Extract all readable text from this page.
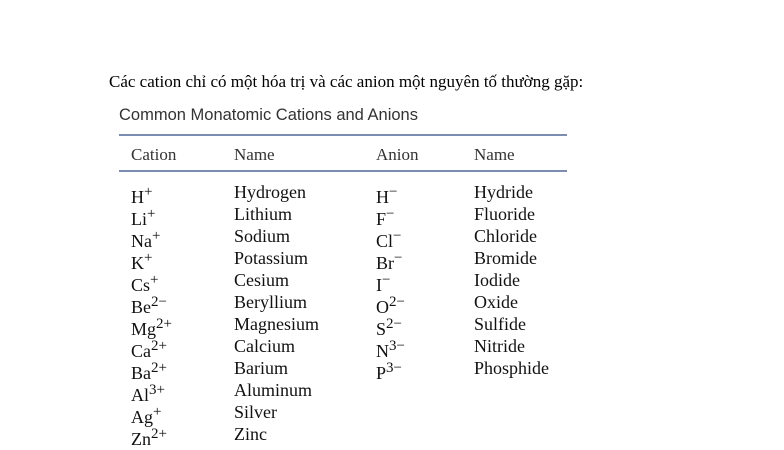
Các cation chỉ có một hóa trị và các anion một nguyên tố thường gặp:
Common Monatomic Cations and Anions
Cation	Name	Anion	Name
H+	Hydrogen	H−	Hydride
Li+	Lithium	F−	Fluoride
Na+	Sodium	Cl−	Chloride
K+	Potassium	Br−	Bromide
Cs+	Cesium	I−	Iodide
$Be^{2-}$	Beryllium	$O^{2-}$	Oxide
$Mg^{2+}$	Magnesium	$S^{2-}$	Sulfide
$Ca^{2+}$	Calcium	$N^{3-}$	Nitride
$Ba^{2+}$	Barium	$P^{3-}$	Phosphide
$Al^{3+}$	Aluminum
Ag+	Silver
$Zn^{2+}$	Zinc
